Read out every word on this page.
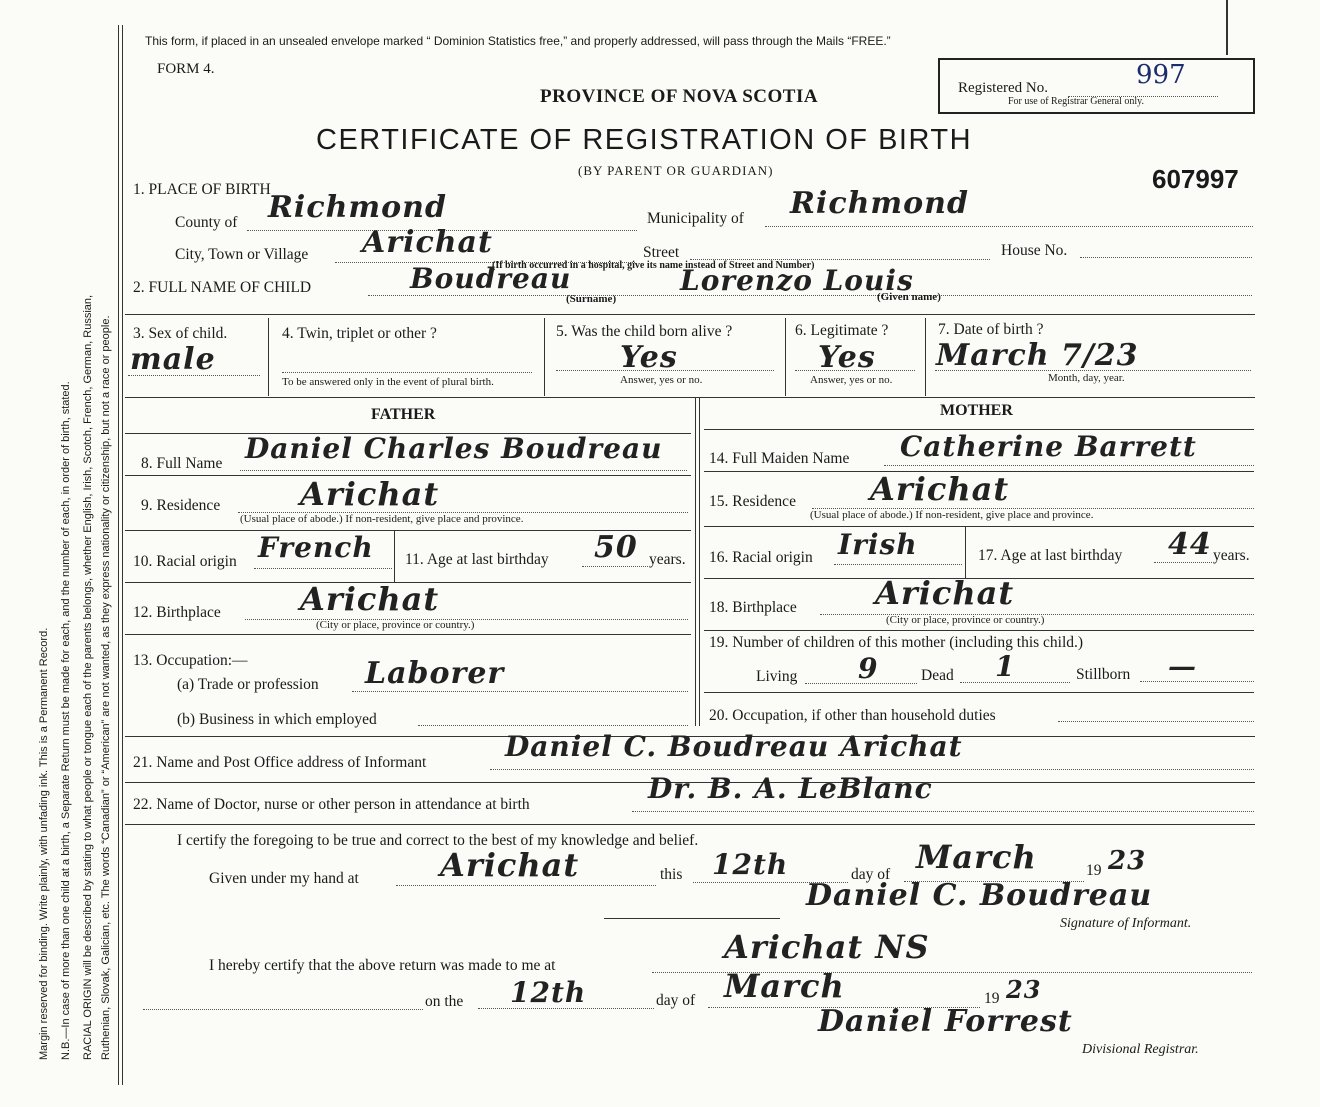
Margin reserved for binding. Write plainly, with unfading ink. This is a Permanent Record. N.B.—In case of more than one child at a birth, a Separate Return must be made for each, and the number of each, in order of birth, stated. RACIAL ORIGIN will be described by stating to what people or tongue each of the parents belongs, whether English, Irish, Scotch, French, German, Russian, Ruthenian, Slovak, Galician, etc. The words “Canadian” or “American” are not wanted, as they express nationality or citizenship, but not a race or people.
This form, if placed in an unsealed envelope marked “ Dominion Statistics free,” and properly addressed, will pass through the Mails “FREE.”
FORM 4.
PROVINCE OF NOVA SCOTIA
CERTIFICATE OF REGISTRATION OF BIRTH
(BY PARENT OR GUARDIAN)
Registered No.	997
For use of Registrar General only.
607997
1. PLACE OF BIRTH
County of Richmond	Municipality of Richmond
City, Town or Village Arichat	Street	House No.
(If birth occurred in a hospital, give its name instead of Street and Number)
2. FULL NAME OF CHILD	Boudreau	Lorenzo Louis
(Surname)	(Given name)
3. Sex of child.
male
4. Twin, triplet or other ?
To be answered only in the event of plural birth.
5. Was the child born alive ?
Yes
Answer, yes or no.
6. Legitimate ?
Yes
Answer, yes or no.
7. Date of birth ?
March 7/23
Month, day, year.
FATHER	MOTHER
8. Full Name Daniel Charles Boudreau
9. Residence Arichat
(Usual place of abode.) If non-resident, give place and province.
10. Racial origin French 11. Age at last birthday 50 years.
12. Birthplace Arichat
(City or place, province or country.)
13. Occupation:—
(a) Trade or profession Laborer
(b) Business in which employed
14. Full Maiden Name Catherine Barrett
15. Residence Arichat
(Usual place of abode.) If non-resident, give place and province.
16. Racial origin Irish	17. Age at last birthday 44 years.
18. Birthplace Arichat
(City or place, province or country.)
19. Number of children of this mother (including this child.)
Living 9	Dead 1	Stillborn —
20. Occupation, if other than household duties
21. Name and Post Office address of Informant	Daniel C. Boudreau Arichat
22. Name of Doctor, nurse or other person in attendance at birth	Dr. B. A. LeBlanc
I certify the foregoing to be true and correct to the best of my knowledge and belief.
Given under my hand at	Arichat	this 12th	day of March	19 23
Daniel C. Boudreau
Signature of Informant.
I hereby certify that the above return was made to me at	Arichat NS
on the 12th	day of March	19 23
Daniel Forrest
Divisional Registrar.
